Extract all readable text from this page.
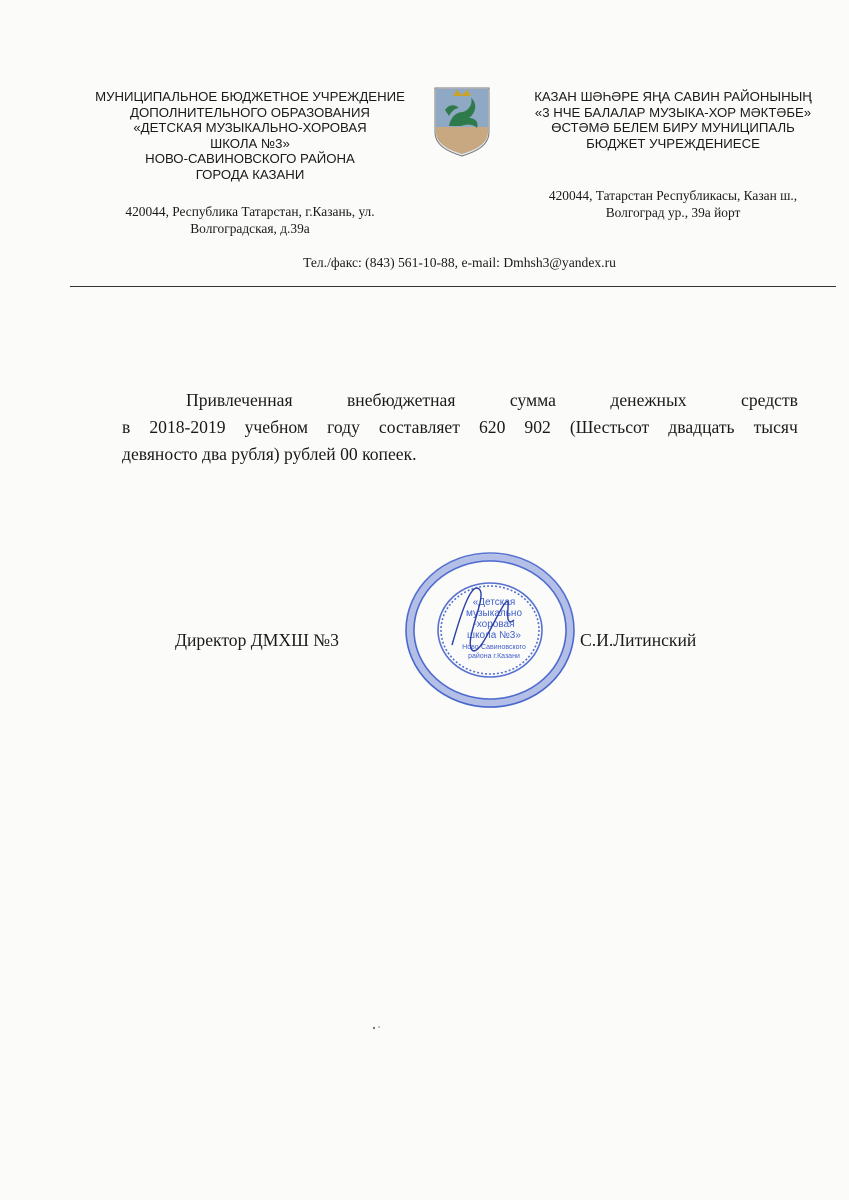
МУНИЦИПАЛЬНОЕ БЮДЖЕТНОЕ УЧРЕЖДЕНИЕ
ДОПОЛНИТЕЛЬНОГО ОБРАЗОВАНИЯ
«ДЕТСКАЯ МУЗЫКАЛЬНО-ХОРОВАЯ
ШКОЛА №3»
НОВО-САВИНОВСКОГО РАЙОНА
ГОРОДА КАЗАНИ
420044, Республика Татарстан, г.Казань, ул.
Волгоградская, д.39а
КАЗАН ШӘҺӘРЕ ЯҢА САВИН РАЙОНЫНЫҢ
«3 НЧЕ БАЛАЛАР МУЗЫКА-ХОР МӘКТӘБЕ»
ӨСТӘМӘ БЕЛЕМ БИРУ МУНИЦИПАЛЬ
БЮДЖЕТ УЧРЕЖДЕНИЕСЕ
420044, Татарстан Республикасы, Казан ш.,
Волгоград ур., 39а йорт
Тел./факс: (843) 561-10-88, e-mail: Dmhsh3@yandex.ru
Привлеченная	внебюджетная	сумма	денежных	средств
в 2018-2019 учебном году составляет 620 902 (Шестьсот двадцать тысяч
девяносто два рубля) рублей 00 копеек.
«Детская
музыкально
-хоровая
школа №3»
Ново-Савиновского
района г.Казани
Директор ДМХШ №3	С.И.Литинский
